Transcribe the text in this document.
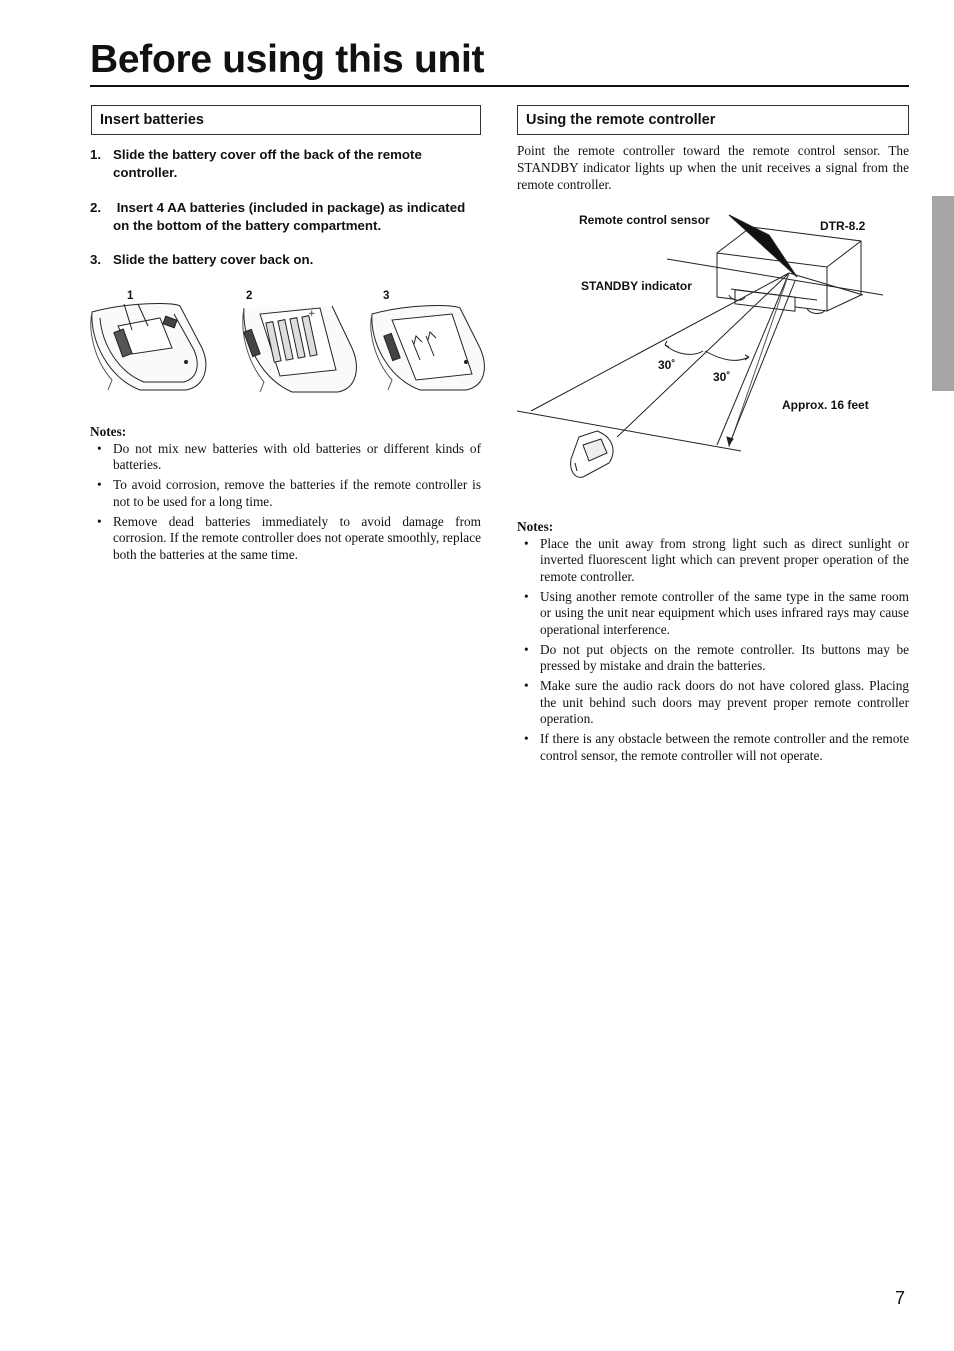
Before using this unit
Insert batteries
1. Slide the battery cover off the back of the remote controller.
2. Insert 4 AA batteries (included in package) as indicated on the bottom of the battery compartment.
3. Slide the battery cover back on.
1	2	3
+
Notes:
• Do not mix new batteries with old batteries or different kinds of batteries.
• To avoid corrosion, remove the batteries if the remote controller is not to be used for a long time.
• Remove dead batteries immediately to avoid damage from corrosion. If the remote controller does not operate smoothly, replace both the batteries at the same time.
Using the remote controller

Point the remote controller toward the remote control sensor. The STANDBY indicator lights up when the unit receives a signal from the remote controller.

Remote control sensor	DTR-8.2
STANDBY indicator
30˚
30˚
Approx. 16 feet
Notes:
• Place the unit away from strong light such as direct sunlight or inverted fluorescent light which can prevent proper operation of the remote controller.
• Using another remote controller of the same type in the same room or using the unit near equipment which uses infrared rays may cause operational interference.
• Do not put objects on the remote controller. Its buttons may be pressed by mistake and drain the batteries.
• Make sure the audio rack doors do not have colored glass. Placing the unit behind such doors may prevent proper remote controller operation.
• If there is any obstacle between the remote controller and the remote control sensor, the remote controller will not operate.
7
